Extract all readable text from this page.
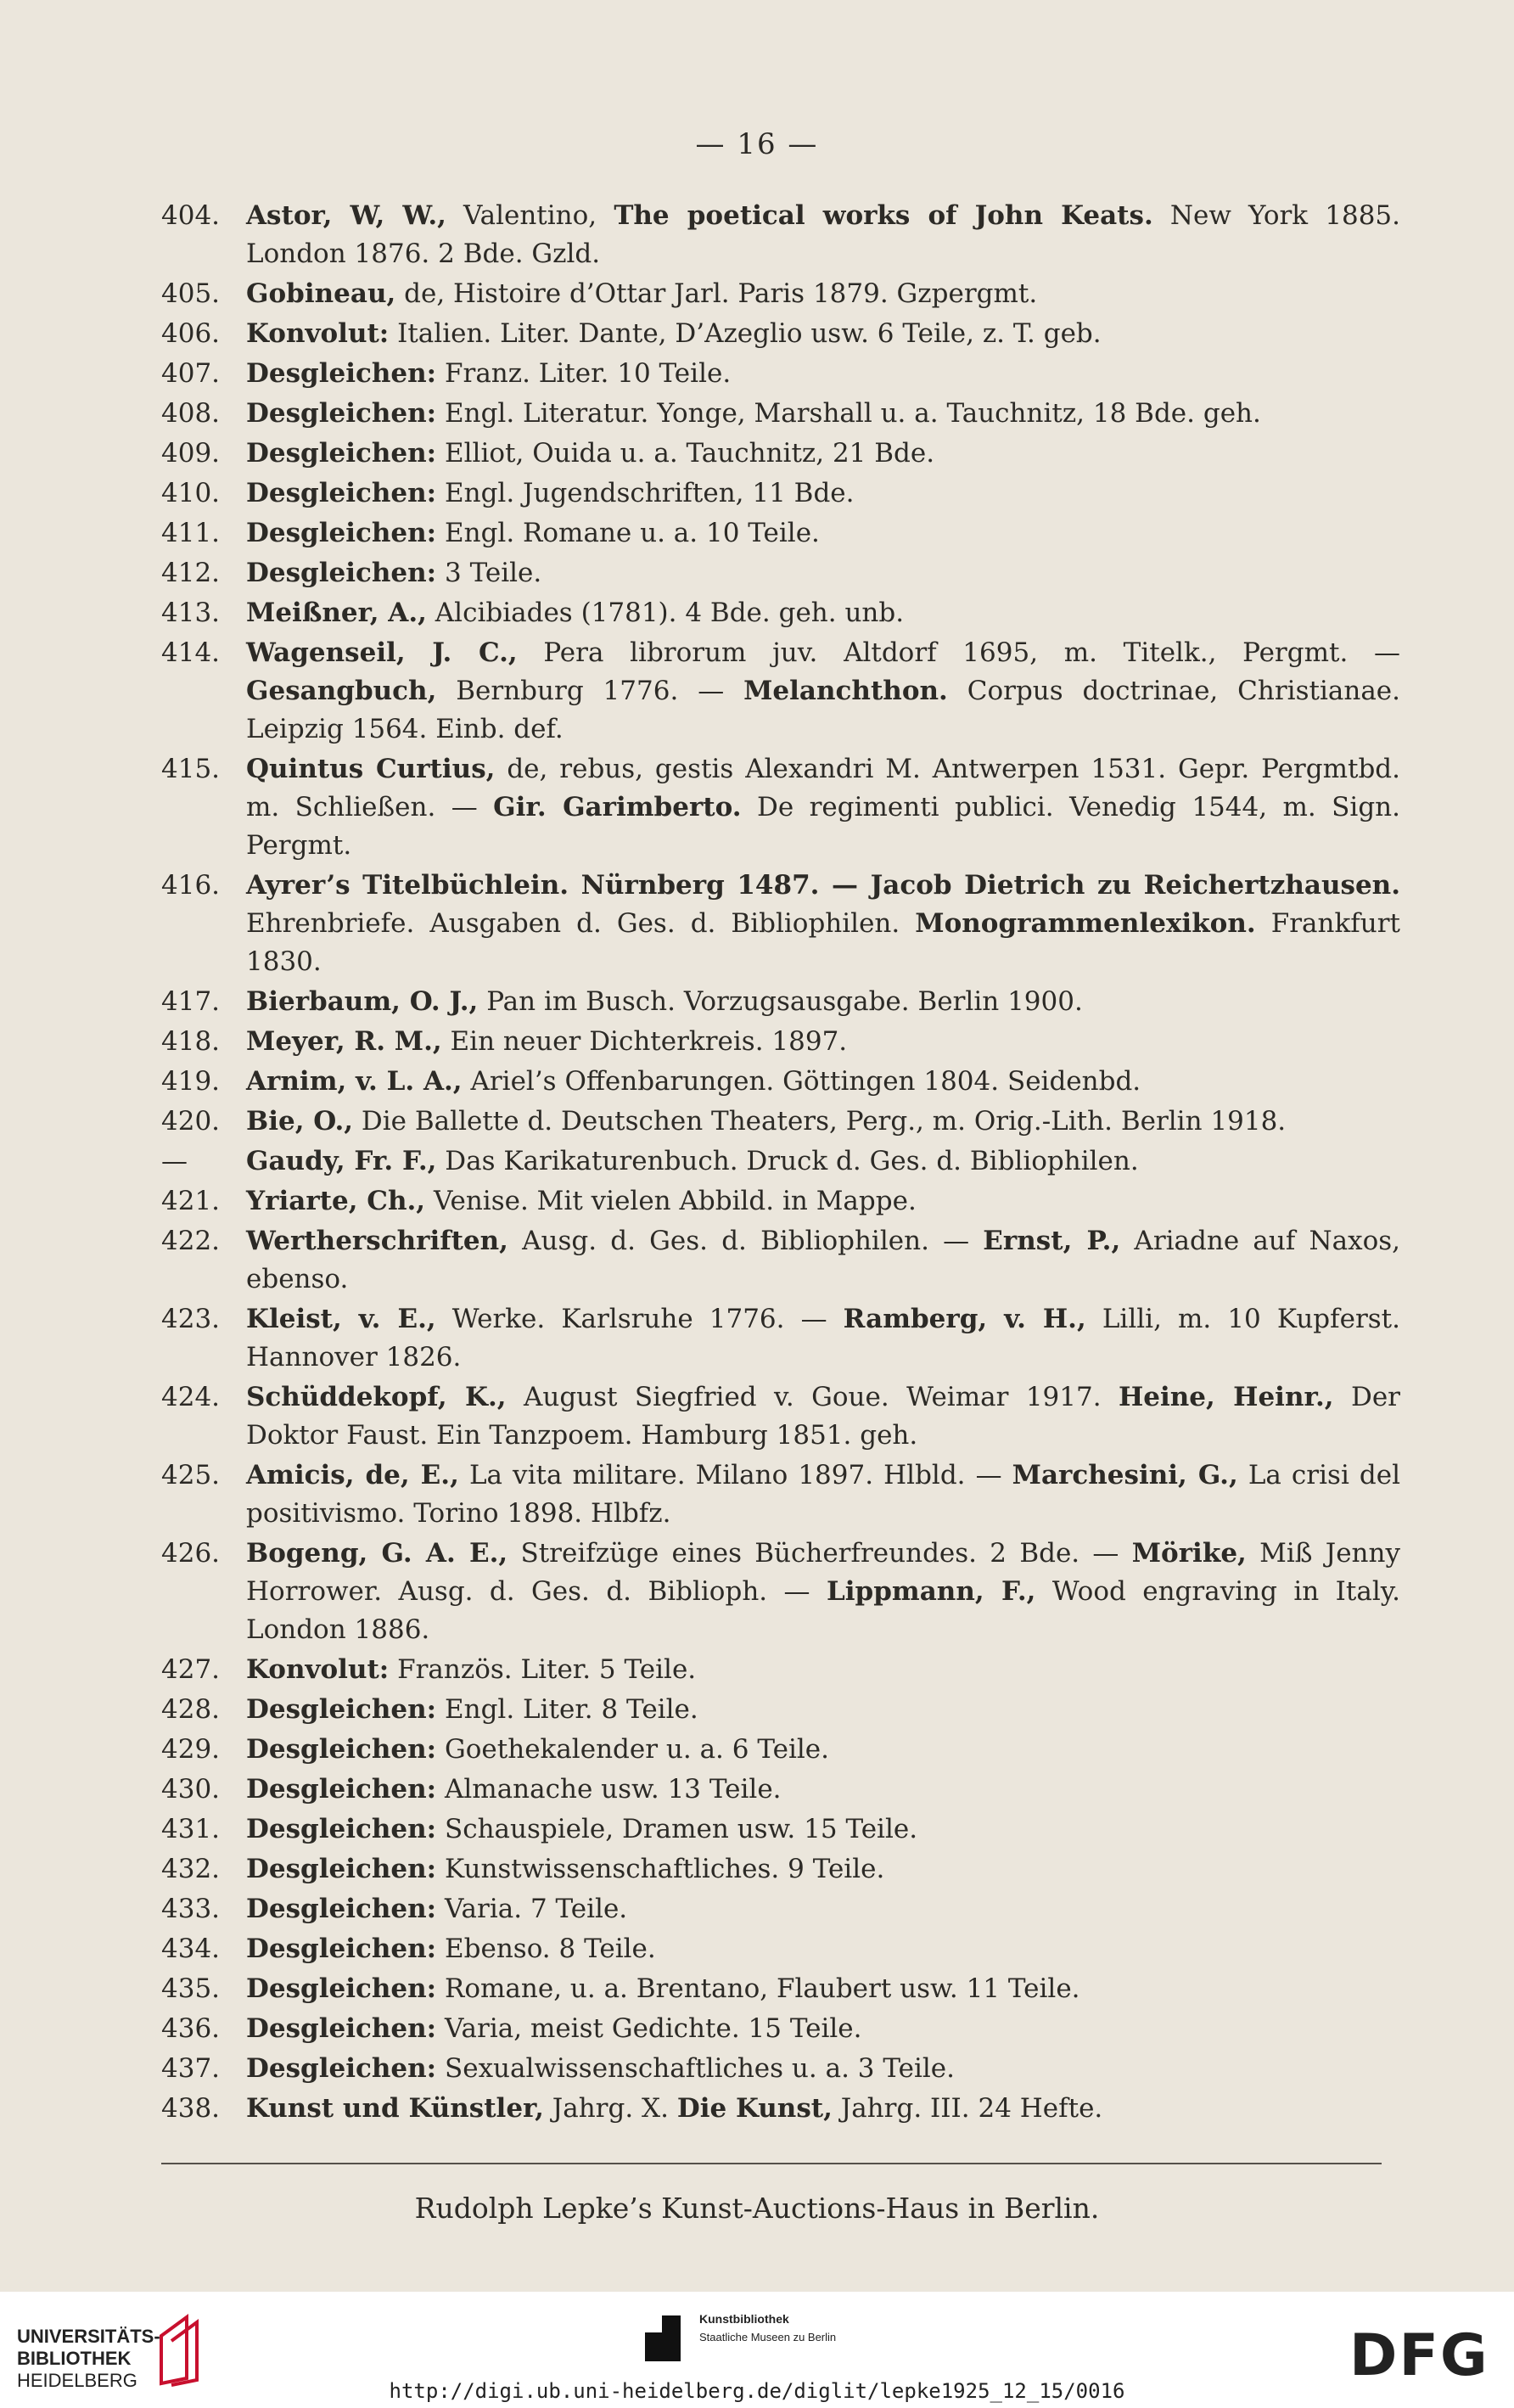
— 16 —
404. Astor, W, W., Valentino, The poetical works of John Keats. New York 1885. London 1876. 2 Bde. Gzld.
405. Gobineau, de, Histoire d’Ottar Jarl. Paris 1879. Gzpergmt.
406. Konvolut: Italien. Liter. Dante, D’Azeglio usw. 6 Teile, z. T. geb.
407. Desgleichen: Franz. Liter. 10 Teile.
408. Desgleichen: Engl. Literatur. Yonge, Marshall u. a. Tauchnitz, 18 Bde. geh.
409. Desgleichen: Elliot, Ouida u. a. Tauchnitz, 21 Bde.
410. Desgleichen: Engl. Jugendschriften, 11 Bde.
411. Desgleichen: Engl. Romane u. a. 10 Teile.
412. Desgleichen: 3 Teile.
413. Meißner, A., Alcibiades (1781). 4 Bde. geh. unb.
414. Wagenseil, J. C., Pera librorum juv. Altdorf 1695, m. Titelk., Pergmt. — Gesangbuch, Bernburg 1776. — Melanchthon. Corpus doctrinae, Christianae. Leipzig 1564. Einb. def.
415. Quintus Curtius, de, rebus, gestis Alexandri M. Antwerpen 1531. Gepr. Pergmtbd. m. Schließen. — Gir. Garimberto. De regimenti publici. Venedig 1544, m. Sign. Pergmt.
416. Ayrer’s Titelbüchlein. Nürnberg 1487. — Jacob Dietrich zu Reichertzhausen. Ehrenbriefe. Ausgaben d. Ges. d. Bibliophilen. Monogrammenlexikon. Frankfurt 1830.
417. Bierbaum, O. J., Pan im Busch. Vorzugsausgabe. Berlin 1900.
418. Meyer, R. M., Ein neuer Dichterkreis. 1897.
419. Arnim, v. L. A., Ariel’s Offenbarungen. Göttingen 1804. Seidenbd.
420. Bie, O., Die Ballette d. Deutschen Theaters, Perg., m. Orig.-Lith. Berlin 1918.
—	Gaudy, Fr. F., Das Karikaturenbuch. Druck d. Ges. d. Bibliophilen.
421. Yriarte, Ch., Venise. Mit vielen Abbild. in Mappe.
422. Wertherschriften, Ausg. d. Ges. d. Bibliophilen. — Ernst, P., Ariadne auf Naxos, ebenso.
423. Kleist, v. E., Werke. Karlsruhe 1776. — Ramberg, v. H., Lilli, m. 10 Kupferst. Hannover 1826.
424. Schüddekopf, K., August Siegfried v. Goue. Weimar 1917. Heine, Heinr., Der Doktor Faust. Ein Tanzpoem. Hamburg 1851. geh.
425. Amicis, de, E., La vita militare. Milano 1897. Hlbld. — Marchesini, G., La crisi del positivismo. Torino 1898. Hlbfz.
426. Bogeng, G. A. E., Streifzüge eines Bücherfreundes. 2 Bde. — Mörike, Miß Jenny Horrower. Ausg. d. Ges. d. Biblioph. — Lippmann, F., Wood engraving in Italy. London 1886.
427. Konvolut: Französ. Liter. 5 Teile.
428. Desgleichen: Engl. Liter. 8 Teile.
429. Desgleichen: Goethekalender u. a. 6 Teile.
430. Desgleichen: Almanache usw. 13 Teile.
431. Desgleichen: Schauspiele, Dramen usw. 15 Teile.
432. Desgleichen: Kunstwissenschaftliches. 9 Teile.
433. Desgleichen: Varia. 7 Teile.
434. Desgleichen: Ebenso. 8 Teile.
435. Desgleichen: Romane, u. a. Brentano, Flaubert usw. 11 Teile.
436. Desgleichen: Varia, meist Gedichte. 15 Teile.
437. Desgleichen: Sexualwissenschaftliches u. a. 3 Teile.
438. Kunst und Künstler, Jahrg. X. Die Kunst, Jahrg. III. 24 Hefte.
Rudolph Lepke’s Kunst-Auctions-Haus in Berlin.
UNIVERSITÄTS-
BIBLIOTHEK
HEIDELBERG
Kunstbibliothek
Staatliche Museen zu Berlin	DFG
http://digi.ub.uni-heidelberg.de/diglit/lepke1925_12_15/0016
